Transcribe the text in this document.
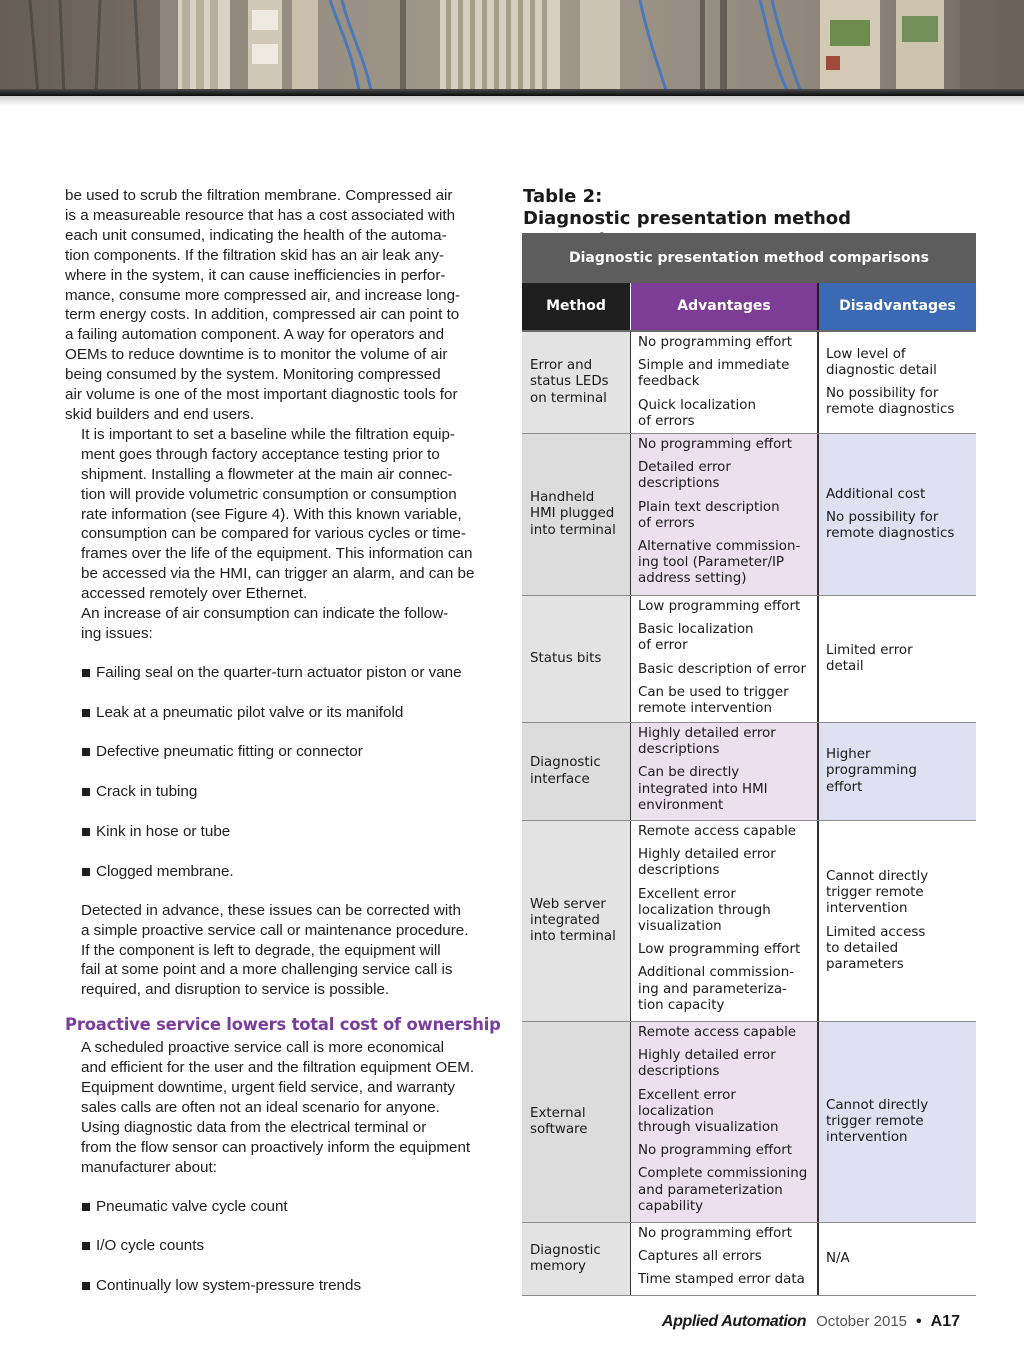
be used to scrub the filtration membrane. Compressed air
is a measureable resource that has a cost associated with
each unit consumed, indicating the health of the automa-
tion components. If the filtration skid has an air leak any-
where in the system, it can cause inefficiencies in perfor-
mance, consume more compressed air, and increase long-
term energy costs. In addition, compressed air can point to
a failing automation component. A way for operators and
OEMs to reduce downtime is to monitor the volume of air
being consumed by the system. Monitoring compressed
air volume is one of the most important diagnostic tools for
skid builders and end users.

It is important to set a baseline while the filtration equip-
ment goes through factory acceptance testing prior to
shipment. Installing a flowmeter at the main air connec-
tion will provide volumetric consumption or consumption
rate information (see Figure 4). With this known variable,
consumption can be compared for various cycles or time-
frames over the life of the equipment. This information can
be accessed via the HMI, can trigger an alarm, and can be
accessed remotely over Ethernet.

An increase of air consumption can indicate the follow-
ing issues:

Failing seal on the quarter-turn actuator piston or vane
Leak at a pneumatic pilot valve or its manifold
Defective pneumatic fitting or connector
Crack in tubing
Kink in hose or tube
Clogged membrane.

Detected in advance, these issues can be corrected with
a simple proactive service call or maintenance procedure.
If the component is left to degrade, the equipment will
fail at some point and a more challenging service call is
required, and disruption to service is possible.

Proactive service lowers total cost of ownership

A scheduled proactive service call is more economical
and efficient for the user and the filtration equipment OEM.
Equipment downtime, urgent field service, and warranty
sales calls are often not an ideal scenario for anyone.

Using diagnostic data from the electrical terminal or
from the flow sensor can proactively inform the equipment
manufacturer about:

Pneumatic valve cycle count
I/O cycle counts
Continually low system-pressure trends
Table 2:
Diagnostic presentation method
Diagnostic presentation method comparisons
Method	Advantages	Disadvantages
Error and
status LEDs
on terminal
No programming effort
Simple and immediate
feedback
Quick localization
of errors
Low level of
diagnostic detail
No possibility for
remote diagnostics
Handheld
HMI plugged
into terminal
No programming effort
Detailed error
descriptions
Plain text description
of errors
Alternative commission-
ing tool (Parameter/IP
address setting)
Additional cost
No possibility for
remote diagnostics
Status bits
Low programming effort
Basic localization
of error
Basic description of error
Can be used to trigger
remote intervention
Limited error
detail
Diagnostic
interface
Highly detailed error
descriptions
Can be directly
integrated into HMI
environment
Higher
programming
effort
Web server
integrated
into terminal
Remote access capable
Highly detailed error
descriptions
Excellent error
localization through
visualization
Low programming effort
Additional commission-
ing and parameteriza-
tion capacity
Cannot directly
trigger remote
intervention
Limited access
to detailed
parameters
External
software
Remote access capable
Highly detailed error
descriptions
Excellent error
localization
through visualization
No programming effort
Complete commissioning
and parameterization
capability
Cannot directly
trigger remote
intervention
Diagnostic
memory
No programming effort
Captures all errors
Time stamped error data
N/A
Applied Automation October 2015 • A17
